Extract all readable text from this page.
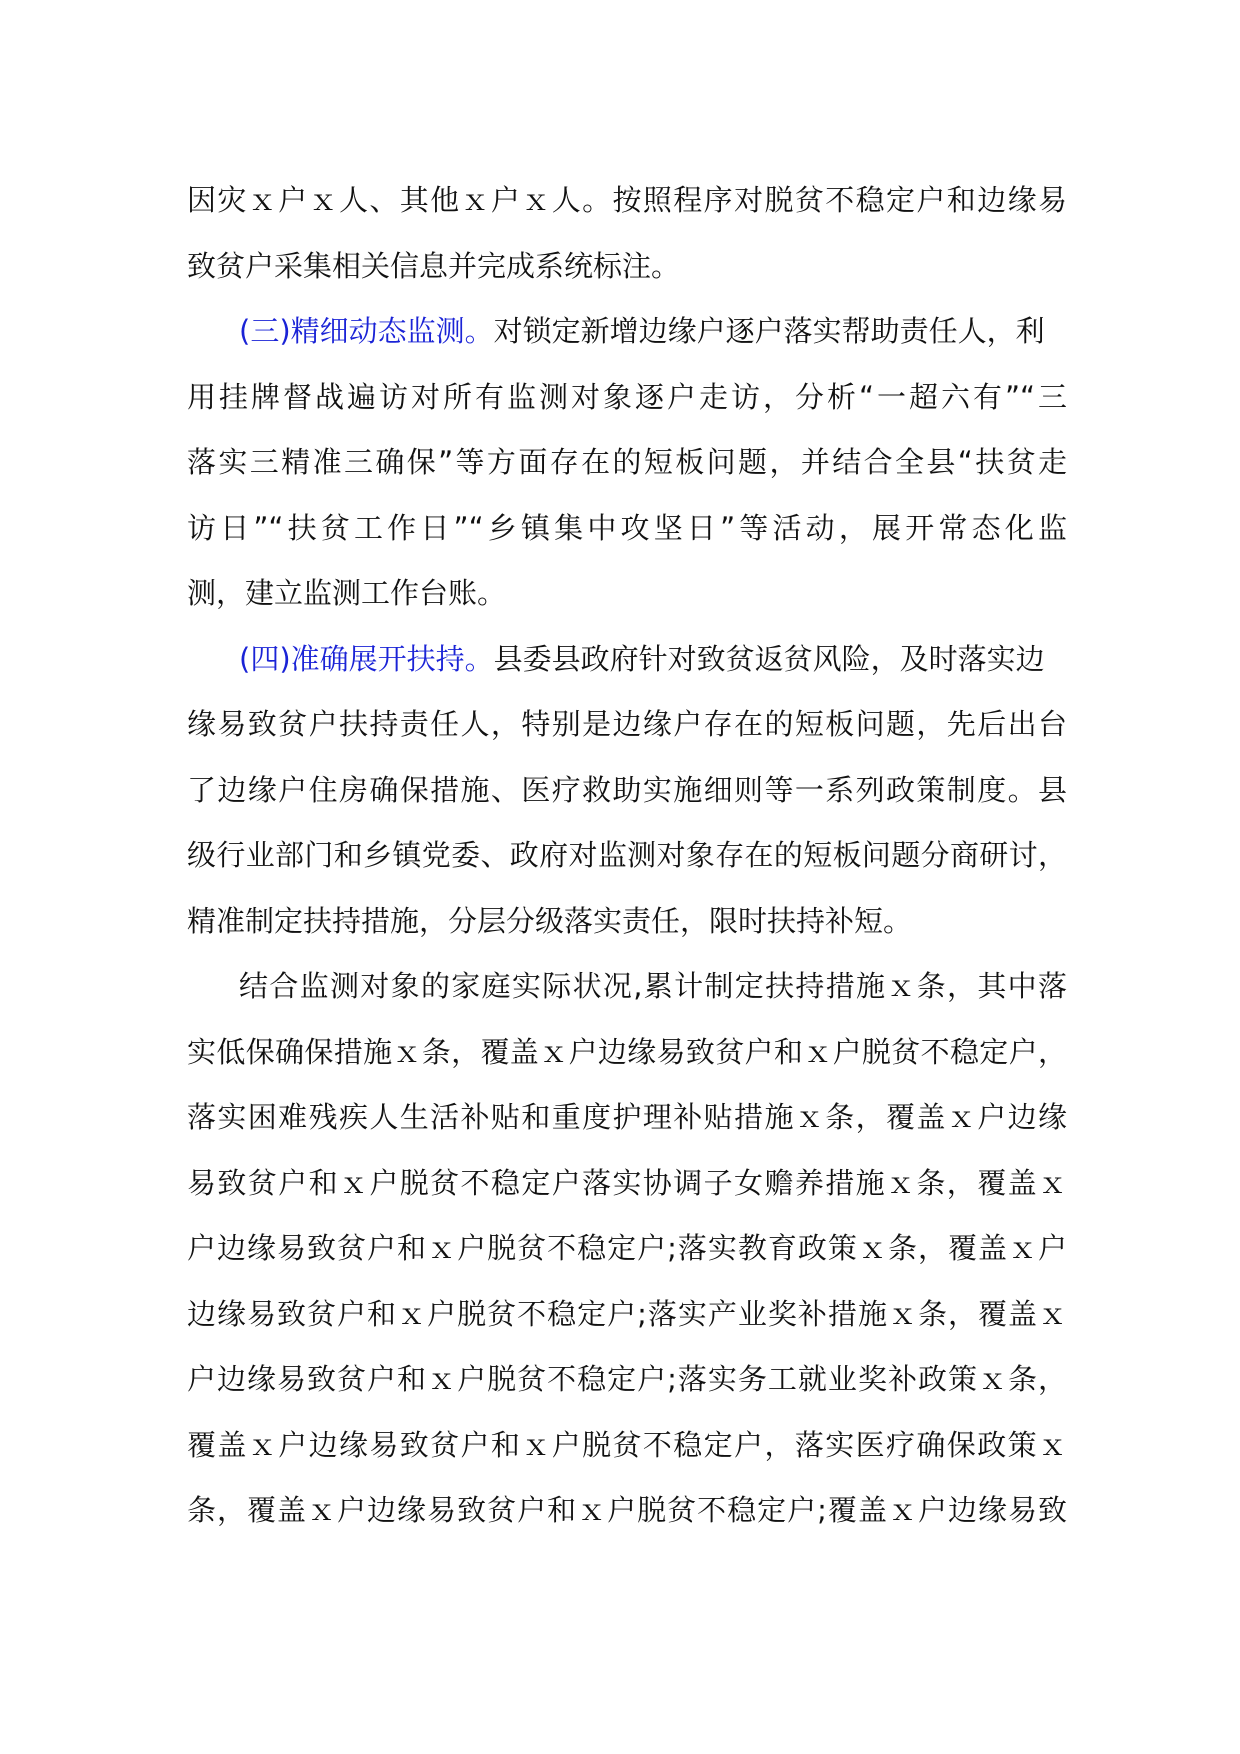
因灾ｘ户ｘ人、其他ｘ户ｘ人。按照程序对脱贫不稳定户和边缘易
致贫户采集相关信息并完成系统标注。
(三)精细动态监测。对锁定新增边缘户逐户落实帮助责任人，利
用挂牌督战遍访对所有监测对象逐户走访，分析“一超六有”“三
落实三精准三确保”等方面存在的短板问题，并结合全县“扶贫走
访日”“扶贫工作日”“乡镇集中攻坚日”等活动，展开常态化监
测，建立监测工作台账。
(四)准确展开扶持。县委县政府针对致贫返贫风险，及时落实边
缘易致贫户扶持责任人，特别是边缘户存在的短板问题，先后出台
了边缘户住房确保措施、医疗救助实施细则等一系列政策制度。县
级行业部门和乡镇党委、政府对监测对象存在的短板问题分商研讨，
精准制定扶持措施，分层分级落实责任，限时扶持补短。
结合监测对象的家庭实际状况,累计制定扶持措施ｘ条，其中落
实低保确保措施ｘ条，覆盖ｘ户边缘易致贫户和ｘ户脱贫不稳定户，
落实困难残疾人生活补贴和重度护理补贴措施ｘ条，覆盖ｘ户边缘
易致贫户和ｘ户脱贫不稳定户落实协调子女赡养措施ｘ条，覆盖ｘ
户边缘易致贫户和ｘ户脱贫不稳定户;落实教育政策ｘ条，覆盖ｘ户
边缘易致贫户和ｘ户脱贫不稳定户;落实产业奖补措施ｘ条，覆盖ｘ
户边缘易致贫户和ｘ户脱贫不稳定户;落实务工就业奖补政策ｘ条，
覆盖ｘ户边缘易致贫户和ｘ户脱贫不稳定户，落实医疗确保政策ｘ
条，覆盖ｘ户边缘易致贫户和ｘ户脱贫不稳定户;覆盖ｘ户边缘易致
